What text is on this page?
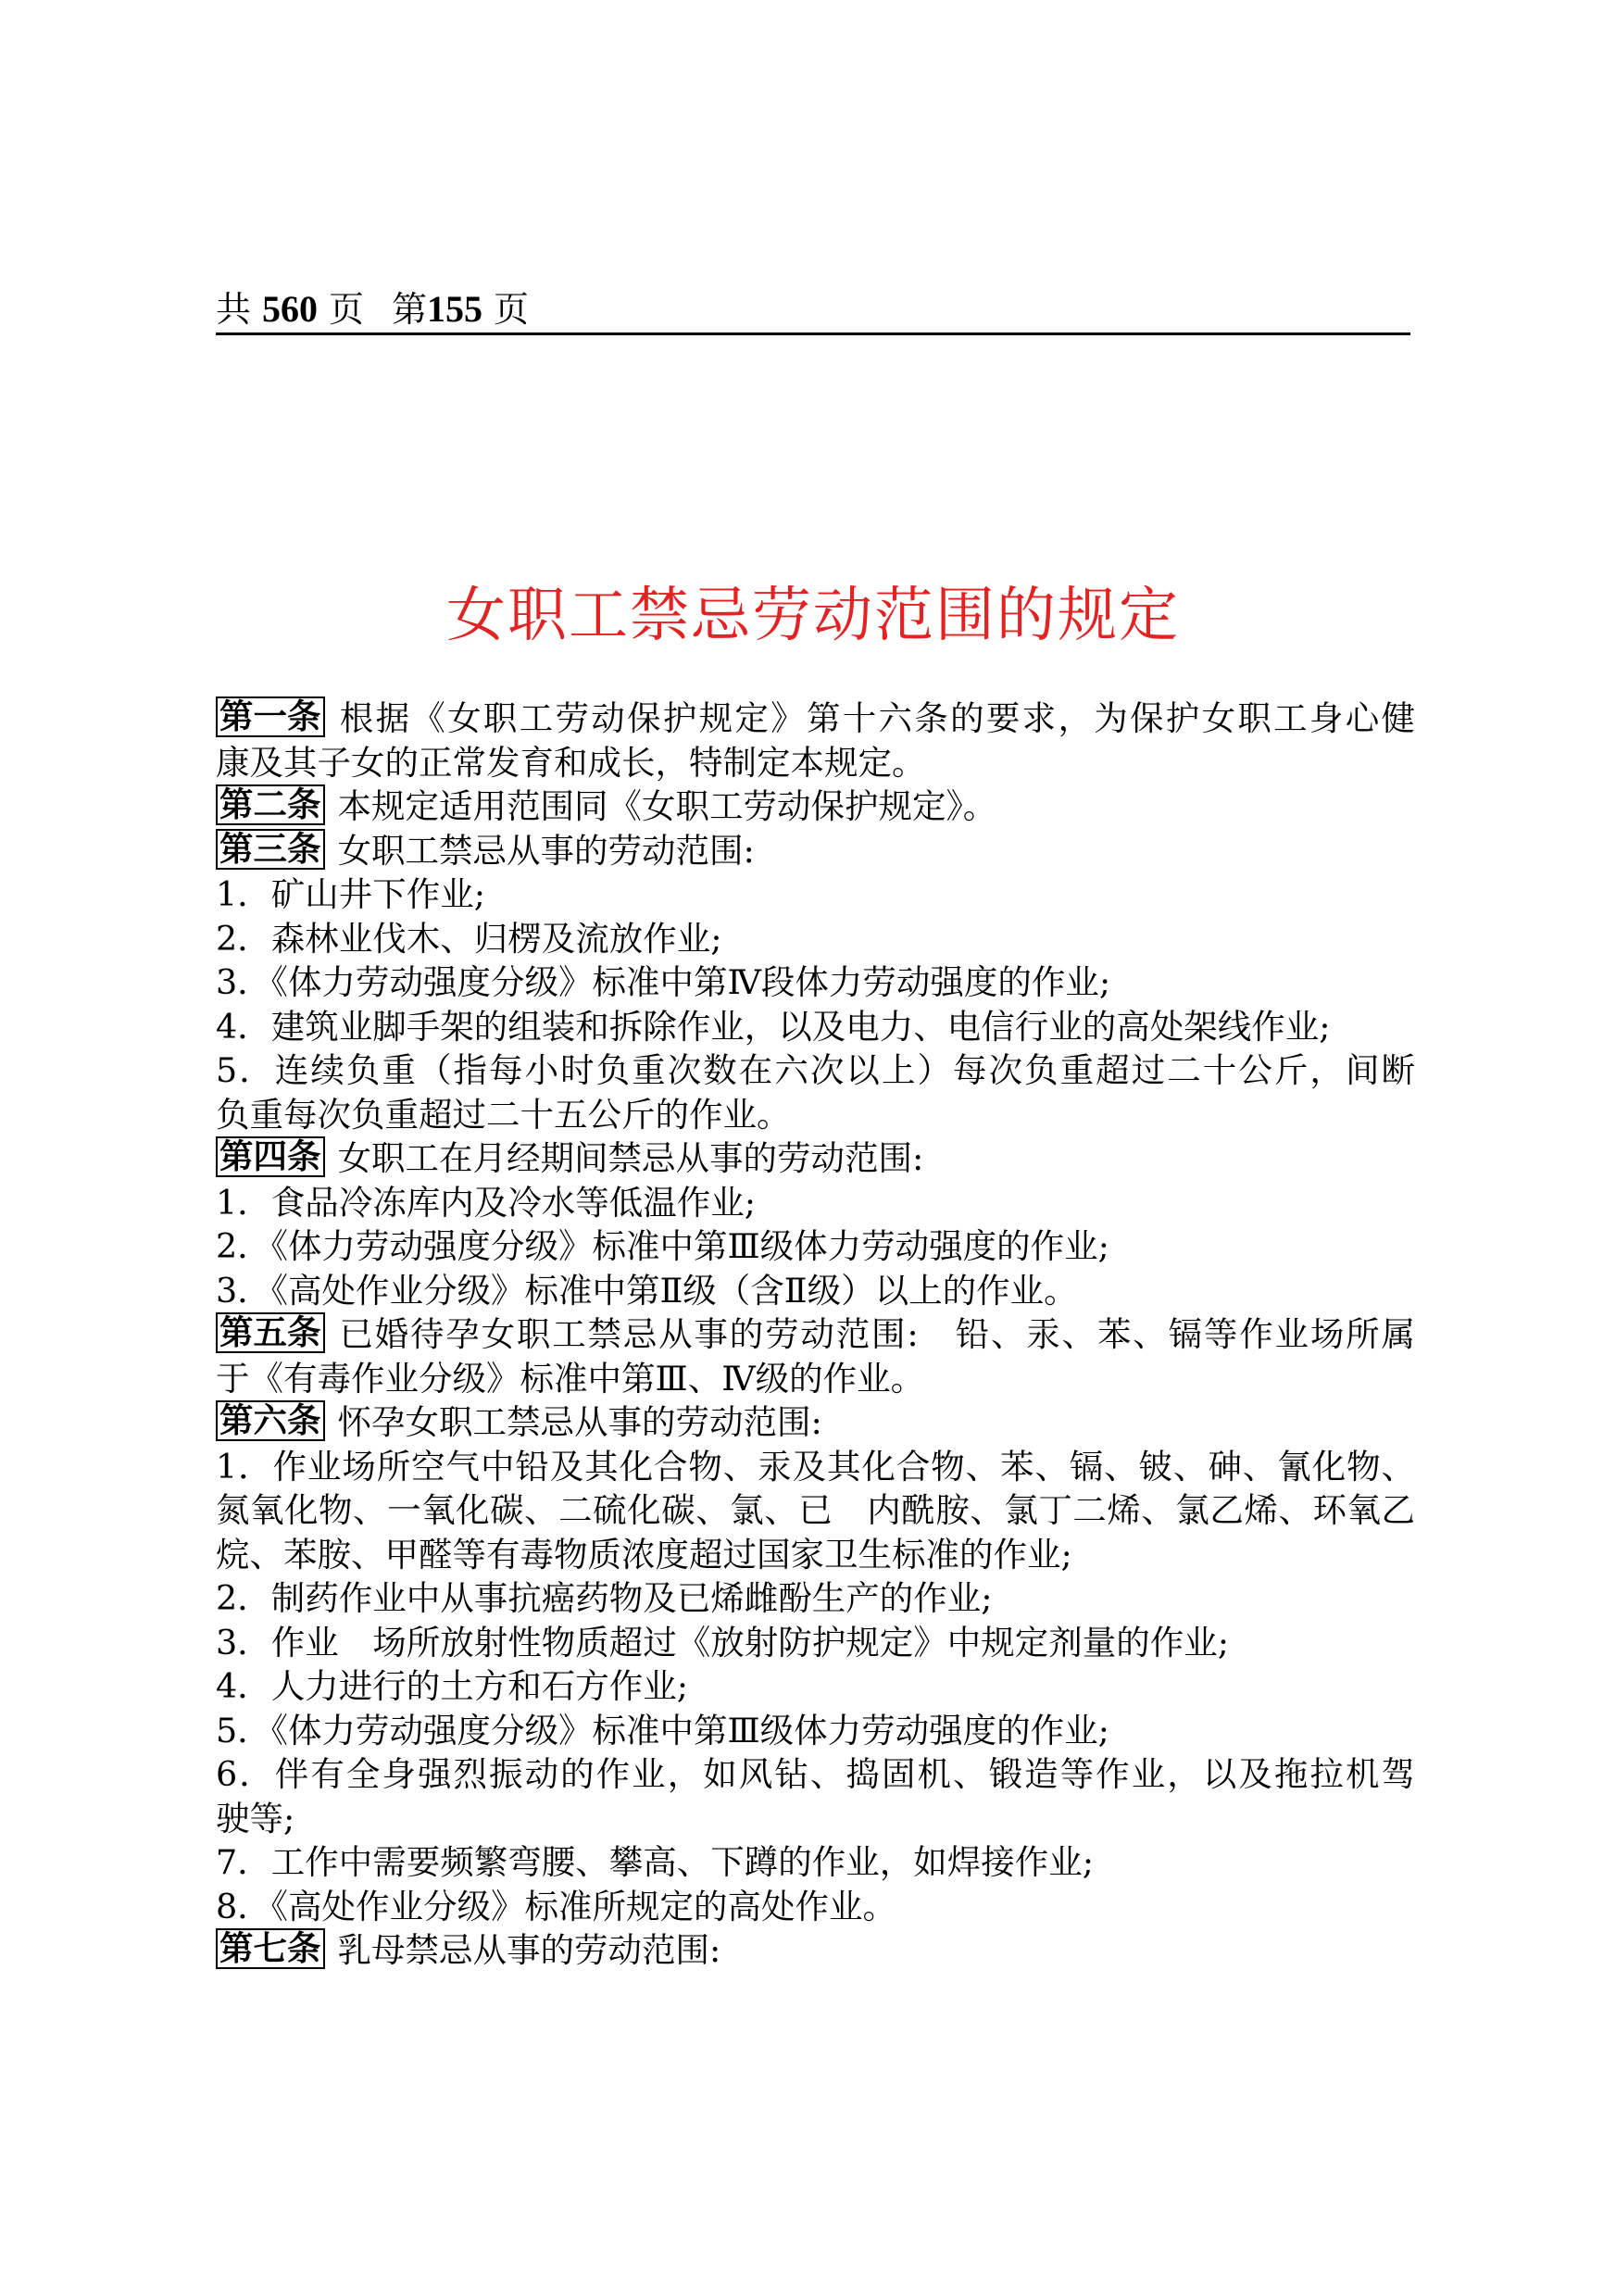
共 560 页 第155 页
女职工禁忌劳动范围的规定
第一条 根据《女职工劳动保护规定》第十六条的要求，为保护女职工身心健
康及其子女的正常发育和成长，特制定本规定。
第二条 本规定适用范围同《女职工劳动保护规定》。
第三条 女职工禁忌从事的劳动范围:
1．矿山井下作业;
2．森林业伐木、归楞及流放作业;
3．《体力劳动强度分级》标准中第Ⅳ段体力劳动强度的作业;
4．建筑业脚手架的组装和拆除作业，以及电力、电信行业的高处架线作业;
5．连续负重（指每小时负重次数在六次以上）每次负重超过二十公斤，间断
负重每次负重超过二十五公斤的作业。
第四条 女职工在月经期间禁忌从事的劳动范围:
1．食品冷冻库内及冷水等低温作业;
2．《体力劳动强度分级》标准中第Ⅲ级体力劳动强度的作业;
3．《高处作业分级》标准中第Ⅱ级（含Ⅱ级）以上的作业。
第五条 已婚待孕女职工禁忌从事的劳动范围:　铅、汞、苯、镉等作业场所属
于《有毒作业分级》标准中第Ⅲ、Ⅳ级的作业。
第六条 怀孕女职工禁忌从事的劳动范围:
1．作业场所空气中铅及其化合物、汞及其化合物、苯、镉、铍、砷、氰化物、
氮氧化物、一氧化碳、二硫化碳、氯、已　内酰胺、氯丁二烯、氯乙烯、环氧乙
烷、苯胺、甲醛等有毒物质浓度超过国家卫生标准的作业;
2．制药作业中从事抗癌药物及已烯雌酚生产的作业;
3．作业　场所放射性物质超过《放射防护规定》中规定剂量的作业;
4．人力进行的土方和石方作业;
5．《体力劳动强度分级》标准中第Ⅲ级体力劳动强度的作业;
6．伴有全身强烈振动的作业，如风钻、捣固机、锻造等作业，以及拖拉机驾
驶等;
7．工作中需要频繁弯腰、攀高、下蹲的作业，如焊接作业;
8．《高处作业分级》标准所规定的高处作业。
第七条 乳母禁忌从事的劳动范围:
